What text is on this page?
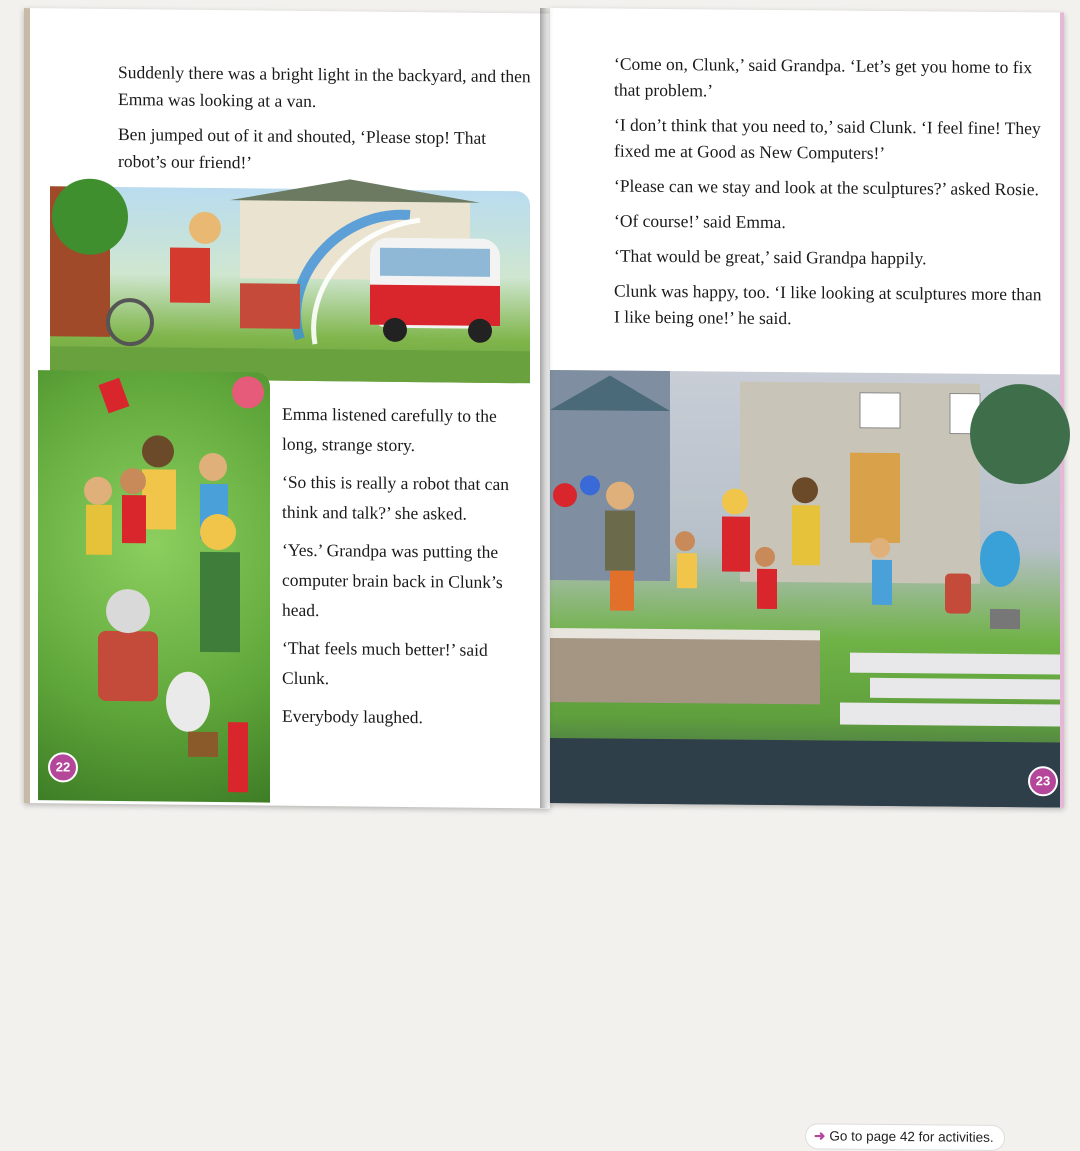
Suddenly there was a bright light in the backyard, and then Emma was looking at a van.

Ben jumped out of it and shouted, ‘Please stop! That robot’s our friend!’

22

Emma listened carefully to the long, strange story.

‘So this is really a robot that can think and talk?’ she asked.

‘Yes.’ Grandpa was putting the computer brain back in Clunk’s head.

‘That feels much better!’ said Clunk.

Everybody laughed.

‘Come on, Clunk,’ said Grandpa. ‘Let’s get you home to fix that problem.’

‘I don’t think that you need to,’ said Clunk. ‘I feel fine! They fixed me at Good as New Computers!’

‘Please can we stay and look at the sculptures?’ asked Rosie.

‘Of course!’ said Emma.

‘That would be great,’ said Grandpa happily.

Clunk was happy, too. ‘I like looking at sculptures more than I like being one!’ he said.

➜ Go to page 42 for activities.
23
